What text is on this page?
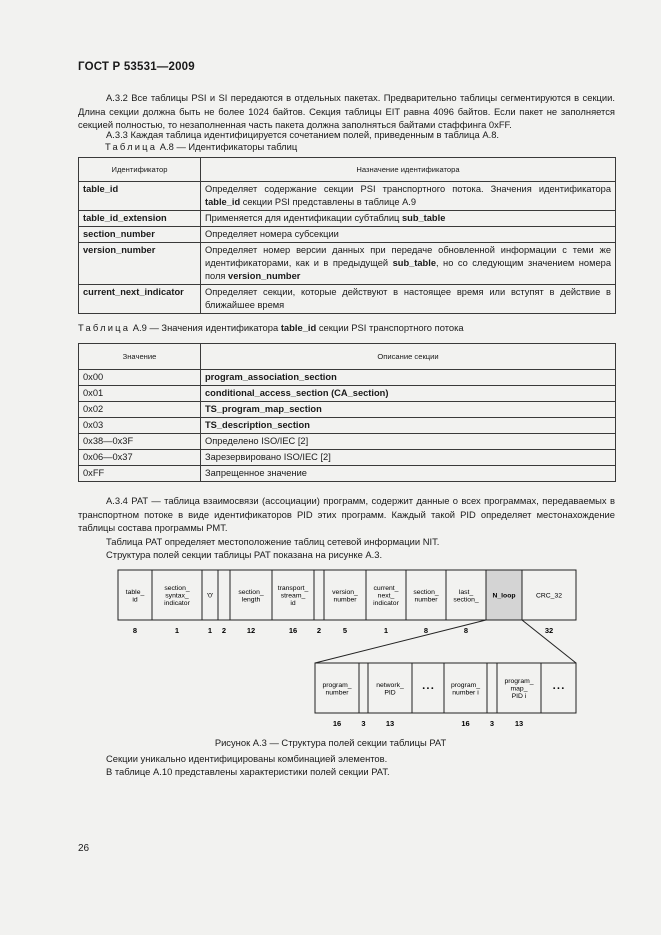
ГОСТ Р 53531—2009
А.3.2 Все таблицы PSI и SI передаются в отдельных пакетах. Предварительно таблицы сегментируются в секции. Длина секции должна быть не более 1024 байтов. Секция таблицы EIT равна 4096 байтов. Если пакет не заполняется секцией полностью, то незаполненная часть пакета должна заполняться байтами стаффинга 0xFF.
А.3.3 Каждая таблица идентифицируется сочетанием полей, приведенным в таблица А.8.
Таблица А.8 — Идентификаторы таблиц
Идентификатор	Назначение идентификатора
table_id	Определяет содержание секции PSI транспортного потока. Значения идентификатора table_id секции PSI представлены в таблице А.9
table_id_extension	Применяется для идентификации субтаблиц sub_table
section_number	Определяет номера субсекции
version_number	Определяет номер версии данных при передаче обновленной информации с теми же идентификаторами, как и в предыдущей sub_table, но со следующим значением номера поля version_number
current_next_indicator	Определяет секции, которые действуют в настоящее время или вступят в действие в ближайшее время
Таблица А.9 — Значения идентификатора table_id секции PSI транспортного потока
Значение	Описание секции
0x00	program_association_section
0x01	conditional_access_section (CA_section)
0x02	TS_program_map_section
0x03	TS_description_section
0x38—0x3F	Определено ISO/IEC [2]
0x06—0x37	Зарезервировано ISO/IEC [2]
0xFF	Запрещенное значение
А.3.4 PAT — таблица взаимосвязи (ассоциации) программ, содержит данные о всех программах, передаваемых в транспортном потоке в виде идентификаторов PID этих программ. Каждый такой PID определяет местонахождение таблицы состава программы PMT.
Таблица PAT определяет местоположение таблиц сетевой информации NIT.
Структура полей секции таблицы PAT показана на рисунке А.3.
table_ id
8
section_ syntax_ indicator
1
'0'
1 2
section_ length
12
transport_ stream_ id
16	2
version_ number
5
current_ next_ indicator
1
section_ number
8
last_ section_
8
N_loop	CRC_32
32
program_ number
16	3
network_ PID
13
• • •
program_ number i
16	3
program_ map_ PID i
13
• • •
Рисунок А.3 — Структура полей секции таблицы PAT
Секции уникально идентифицированы комбинацией элементов.
В таблице А.10 представлены характеристики полей секции PAT.
26
